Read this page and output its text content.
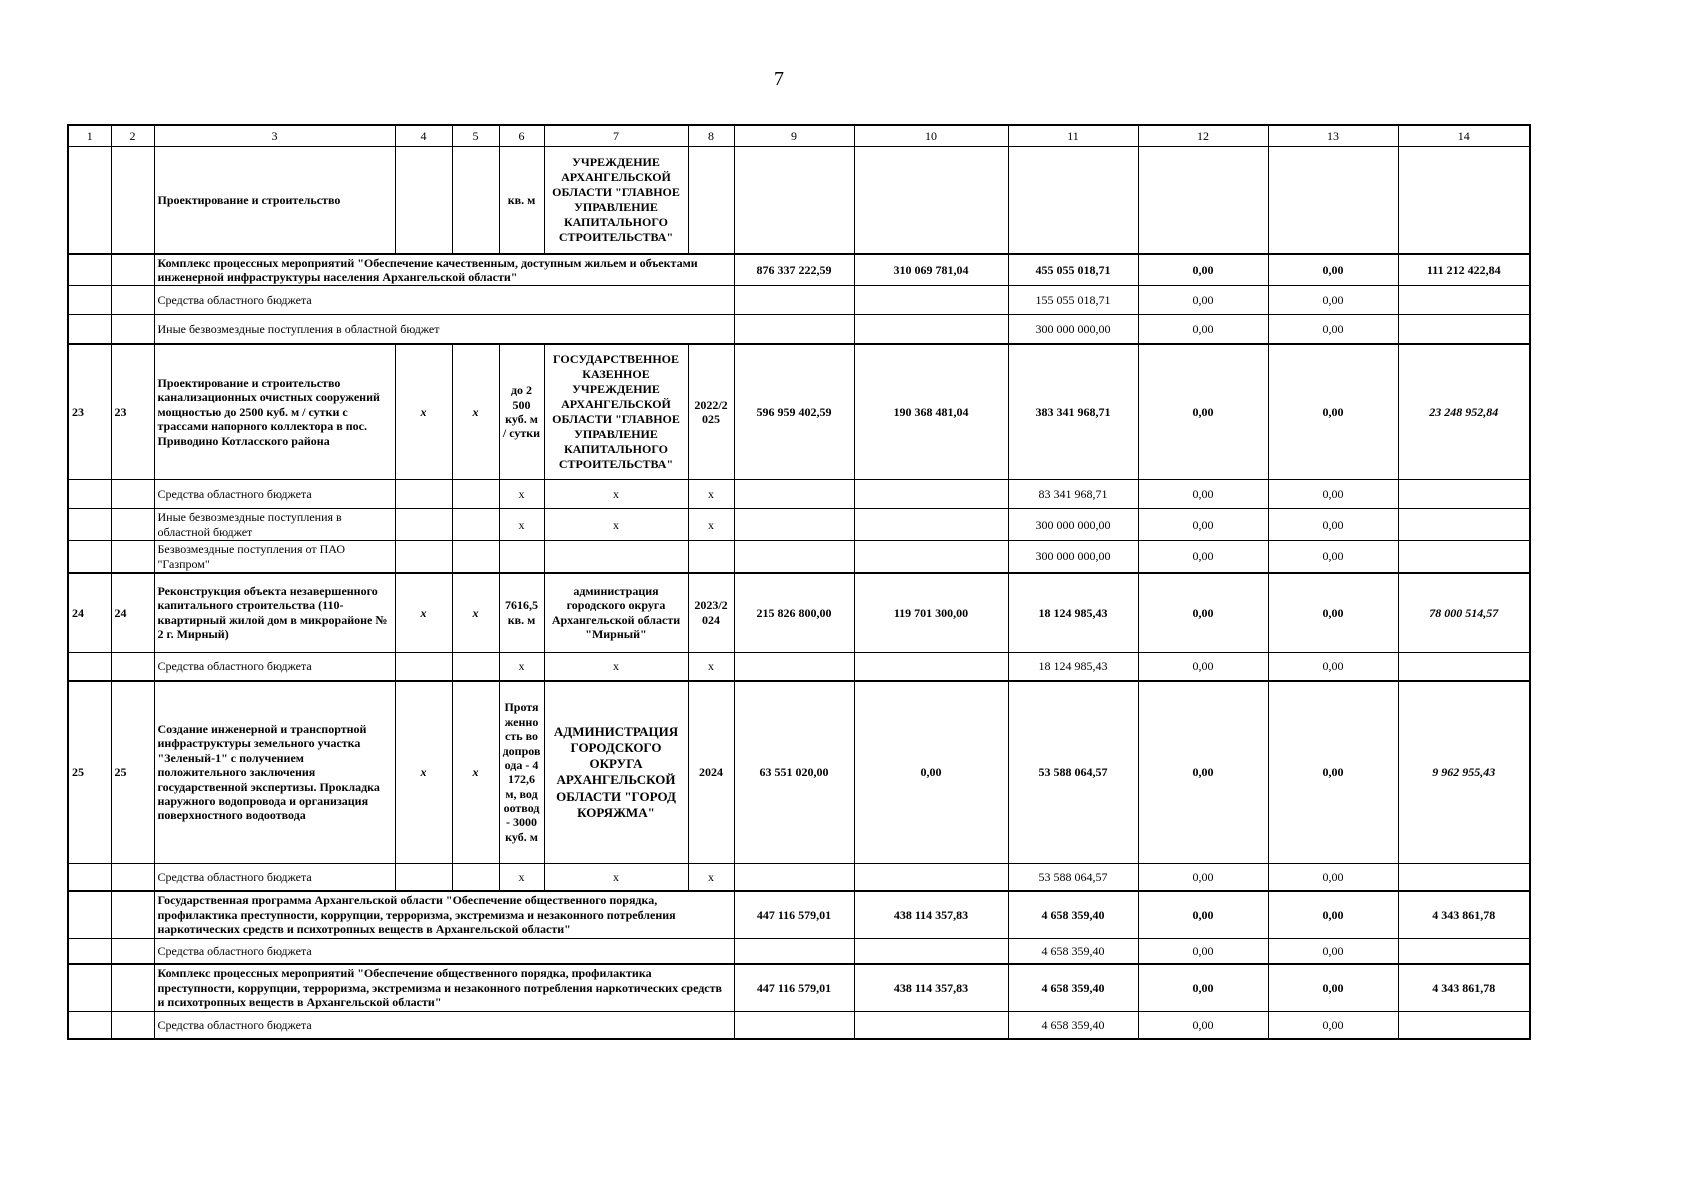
7
1	2	3	4	5	6	7	8	9	10	11	12	13	14
		Проектирование и строительство			кв. м	УЧРЕЖДЕНИЕ АРХАНГЕЛЬСКОЙ ОБЛАСТИ "ГЛАВНОЕ УПРАВЛЕНИЕ КАПИТАЛЬНОГО СТРОИТЕЛЬСТВА"							
		Комплекс процессных мероприятий "Обеспечение качественным, доступным жильем и объектами инженерной инфраструктуры населения Архангельской области"						876 337 222,59	310 069 781,04	455 055 018,71	0,00	0,00	111 212 422,84
		Средства областного бюджета								155 055 018,71	0,00	0,00	
		Иные безвозмездные поступления в областной бюджет								300 000 000,00	0,00	0,00	
23	23	Проектирование и строительство канализационных очистных сооружений мощностью до 2500 куб. м / сутки с трассами напорного коллектора в пос. Приводино Котласского района	x	x	до 2 500 куб. м / сутки	ГОСУДАРСТВЕННОЕ КАЗЕННОЕ УЧРЕЖДЕНИЕ АРХАНГЕЛЬСКОЙ ОБЛАСТИ "ГЛАВНОЕ УПРАВЛЕНИЕ КАПИТАЛЬНОГО СТРОИТЕЛЬСТВА"	2022/2025	596 959 402,59	190 368 481,04	383 341 968,71	0,00	0,00	23 248 952,84
		Средства областного бюджета			x	x	x			83 341 968,71	0,00	0,00	
		Иные безвозмездные поступления в областной бюджет			x	x	x			300 000 000,00	0,00	0,00	
		Безвозмездные поступления от ПАО "Газпром"								300 000 000,00	0,00	0,00	
24	24	Реконструкция объекта незавершенного капитального строительства (110-квартирный жилой дом в микрорайоне № 2 г. Мирный)	x	x	7616,5 кв. м	администрация городского округа Архангельской области "Мирный"	2023/2024	215 826 800,00	119 701 300,00	18 124 985,43	0,00	0,00	78 000 514,57
		Средства областного бюджета			x	x	x			18 124 985,43	0,00	0,00	
25	25	Создание инженерной и транспортной инфраструктуры земельного участка "Зеленый-1" с получением положительного заключения государственной экспертизы. Прокладка наружного водопровода и организация поверхностного водоотвода	x	x	Протяженность водопровода - 4172,6 м, водоотвод - 3000 куб. м	АДМИНИСТРАЦИЯ ГОРОДСКОГО ОКРУГА АРХАНГЕЛЬСКОЙ ОБЛАСТИ "ГОРОД КОРЯЖМА"	2024	63 551 020,00	0,00	53 588 064,57	0,00	0,00	9 962 955,43
		Средства областного бюджета			x	x	x			53 588 064,57	0,00	0,00	
		Государственная программа Архангельской области "Обеспечение общественного порядка, профилактика преступности, коррупции, терроризма, экстремизма и незаконного потребления наркотических средств и психотропных веществ в Архангельской области"						447 116 579,01	438 114 357,83	4 658 359,40	0,00	0,00	4 343 861,78
		Средства областного бюджета								4 658 359,40	0,00	0,00	
		Комплекс процессных мероприятий "Обеспечение общественного порядка, профилактика преступности, коррупции, терроризма, экстремизма и незаконного потребления наркотических средств и психотропных веществ в Архангельской области"						447 116 579,01	438 114 357,83	4 658 359,40	0,00	0,00	4 343 861,78
		Средства областного бюджета								4 658 359,40	0,00	0,00	
